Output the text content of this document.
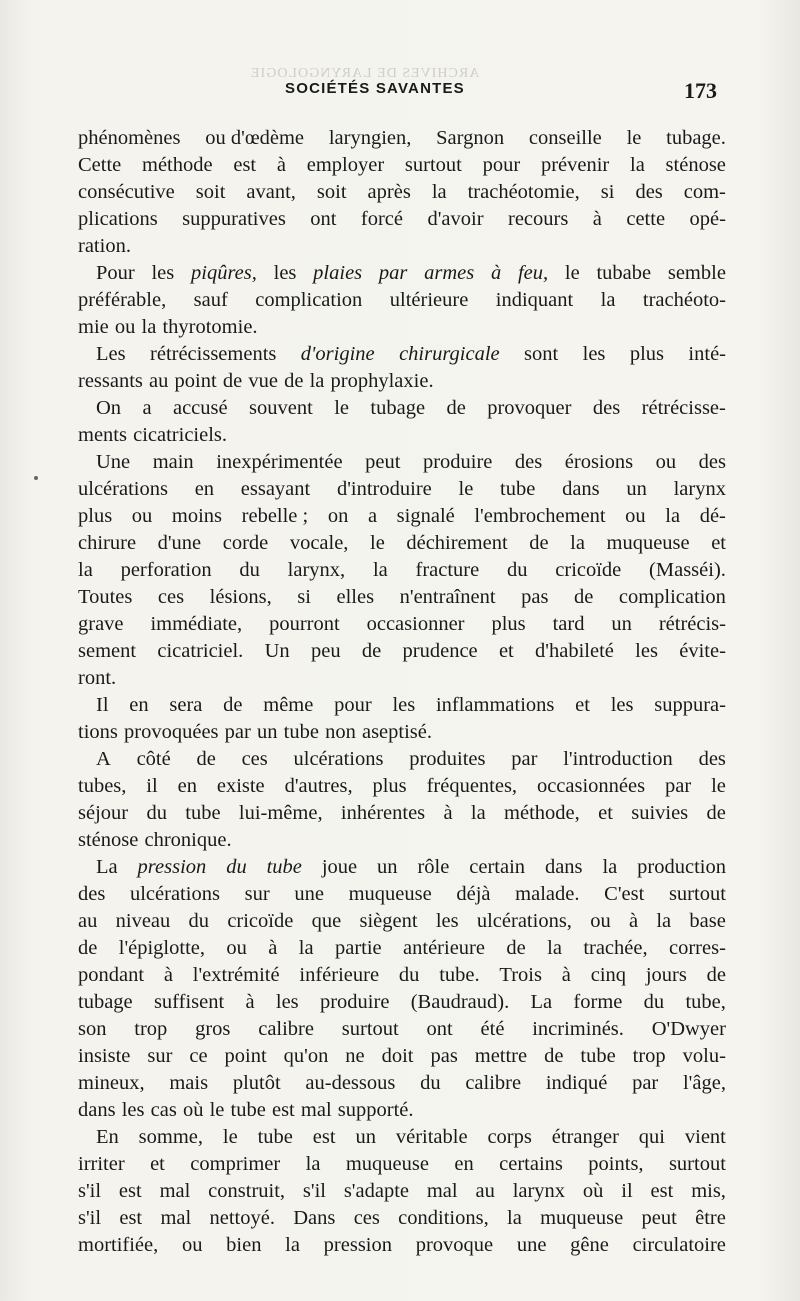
ARCHIVES DE LARYNGOLOGIE
SOCIÉTÉS SAVANTES	173
phénomènes ou d'œdème laryngien, Sargnon conseille le tubage.
Cette méthode est à employer surtout pour prévenir la sténose
consécutive soit avant, soit après la trachéotomie, si des com-
plications suppuratives ont forcé d'avoir recours à cette opé-
ration.
Pour les piqûres, les plaies par armes à feu, le tubabe semble
préférable, sauf complication ultérieure indiquant la trachéoto-
mie ou la thyrotomie.
Les rétrécissements d'origine chirurgicale sont les plus inté-
ressants au point de vue de la prophylaxie.
On a accusé souvent le tubage de provoquer des rétrécisse-
ments cicatriciels.
Une main inexpérimentée peut produire des érosions ou des
ulcérations en essayant d'introduire le tube dans un larynx
plus ou moins rebelle ; on a signalé l'embrochement ou la dé-
chirure d'une corde vocale, le déchirement de la muqueuse et
la perforation du larynx, la fracture du cricoïde (Masséi).
Toutes ces lésions, si elles n'entraînent pas de complication
grave immédiate, pourront occasionner plus tard un rétrécis-
sement cicatriciel. Un peu de prudence et d'habileté les évite-
ront.
Il en sera de même pour les inflammations et les suppura-
tions provoquées par un tube non aseptisé.
A côté de ces ulcérations produites par l'introduction des
tubes, il en existe d'autres, plus fréquentes, occasionnées par le
séjour du tube lui-même, inhérentes à la méthode, et suivies de
sténose chronique.
La pression du tube joue un rôle certain dans la production
des ulcérations sur une muqueuse déjà malade. C'est surtout
au niveau du cricoïde que siègent les ulcérations, ou à la base
de l'épiglotte, ou à la partie antérieure de la trachée, corres-
pondant à l'extrémité inférieure du tube. Trois à cinq jours de
tubage suffisent à les produire (Baudraud). La forme du tube,
son trop gros calibre surtout ont été incriminés. O'Dwyer
insiste sur ce point qu'on ne doit pas mettre de tube trop volu-
mineux, mais plutôt au-dessous du calibre indiqué par l'âge,
dans les cas où le tube est mal supporté.
En somme, le tube est un véritable corps étranger qui vient
irriter et comprimer la muqueuse en certains points, surtout
s'il est mal construit, s'il s'adapte mal au larynx où il est mis,
s'il est mal nettoyé. Dans ces conditions, la muqueuse peut être
mortifiée, ou bien la pression provoque une gêne circulatoire
